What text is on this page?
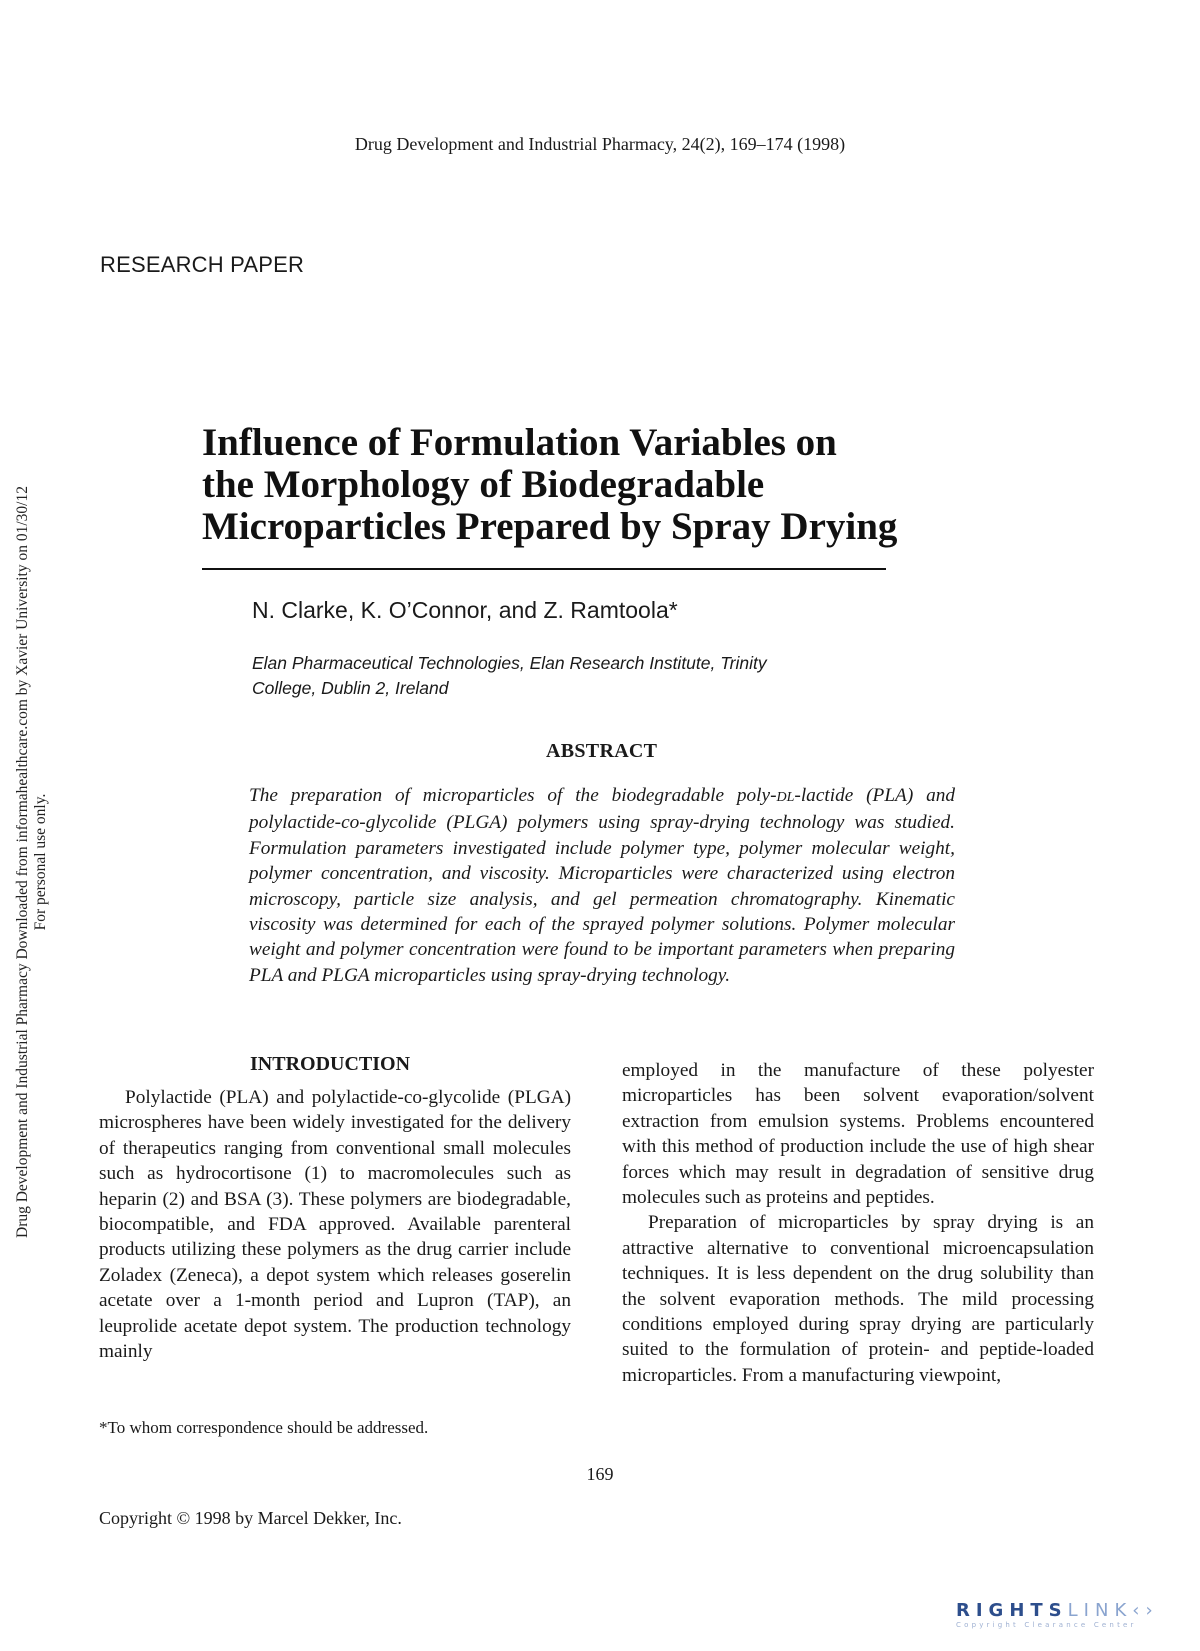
Drug Development and Industrial Pharmacy, 24(2), 169–174 (1998)
RESEARCH PAPER
Drug Development and Industrial Pharmacy Downloaded from informahealthcare.com by Xavier University on 01/30/12 For personal use only.
Influence of Formulation Variables on
the Morphology of Biodegradable
Microparticles Prepared by Spray Drying
N. Clarke, K. O’Connor, and Z. Ramtoola*
Elan Pharmaceutical Technologies, Elan Research Institute, Trinity
College, Dublin 2, Ireland
ABSTRACT
The preparation of microparticles of the biodegradable poly-DL-lactide (PLA) and polylactide-co-glycolide (PLGA) polymers using spray-drying technology was studied. Formulation parameters investigated include polymer type, polymer molecular weight, polymer concentration, and viscosity. Microparticles were characterized using electron microscopy, particle size analysis, and gel permeation chromatography. Kinematic viscosity was determined for each of the sprayed polymer solutions. Polymer molecular weight and polymer concentration were found to be important parameters when preparing PLA and PLGA microparticles using spray-drying technology.
INTRODUCTION

Polylactide (PLA) and polylactide-co-glycolide (PLGA) microspheres have been widely investigated for the delivery of therapeutics ranging from conventional small molecules such as hydrocortisone (1) to macromolecules such as heparin (2) and BSA (3). These polymers are biodegradable, biocompatible, and FDA approved. Available parenteral products utilizing these polymers as the drug carrier include Zoladex (Zeneca), a depot system which releases goserelin acetate over a 1-month period and Lupron (TAP), an leuprolide acetate depot system. The production technology mainly

employed in the manufacture of these polyester microparticles has been solvent evaporation/solvent extraction from emulsion systems. Problems encountered with this method of production include the use of high shear forces which may result in degradation of sensitive drug molecules such as proteins and peptides.

Preparation of microparticles by spray drying is an attractive alternative to conventional microencapsulation techniques. It is less dependent on the drug solubility than the solvent evaporation methods. The mild processing conditions employed during spray drying are particularly suited to the formulation of protein- and peptide-loaded microparticles. From a manufacturing viewpoint,

*To whom correspondence should be addressed.
169
Copyright © 1998 by Marcel Dekker, Inc.
RIGHTSLINK‹›
Copyright Clearance Center
